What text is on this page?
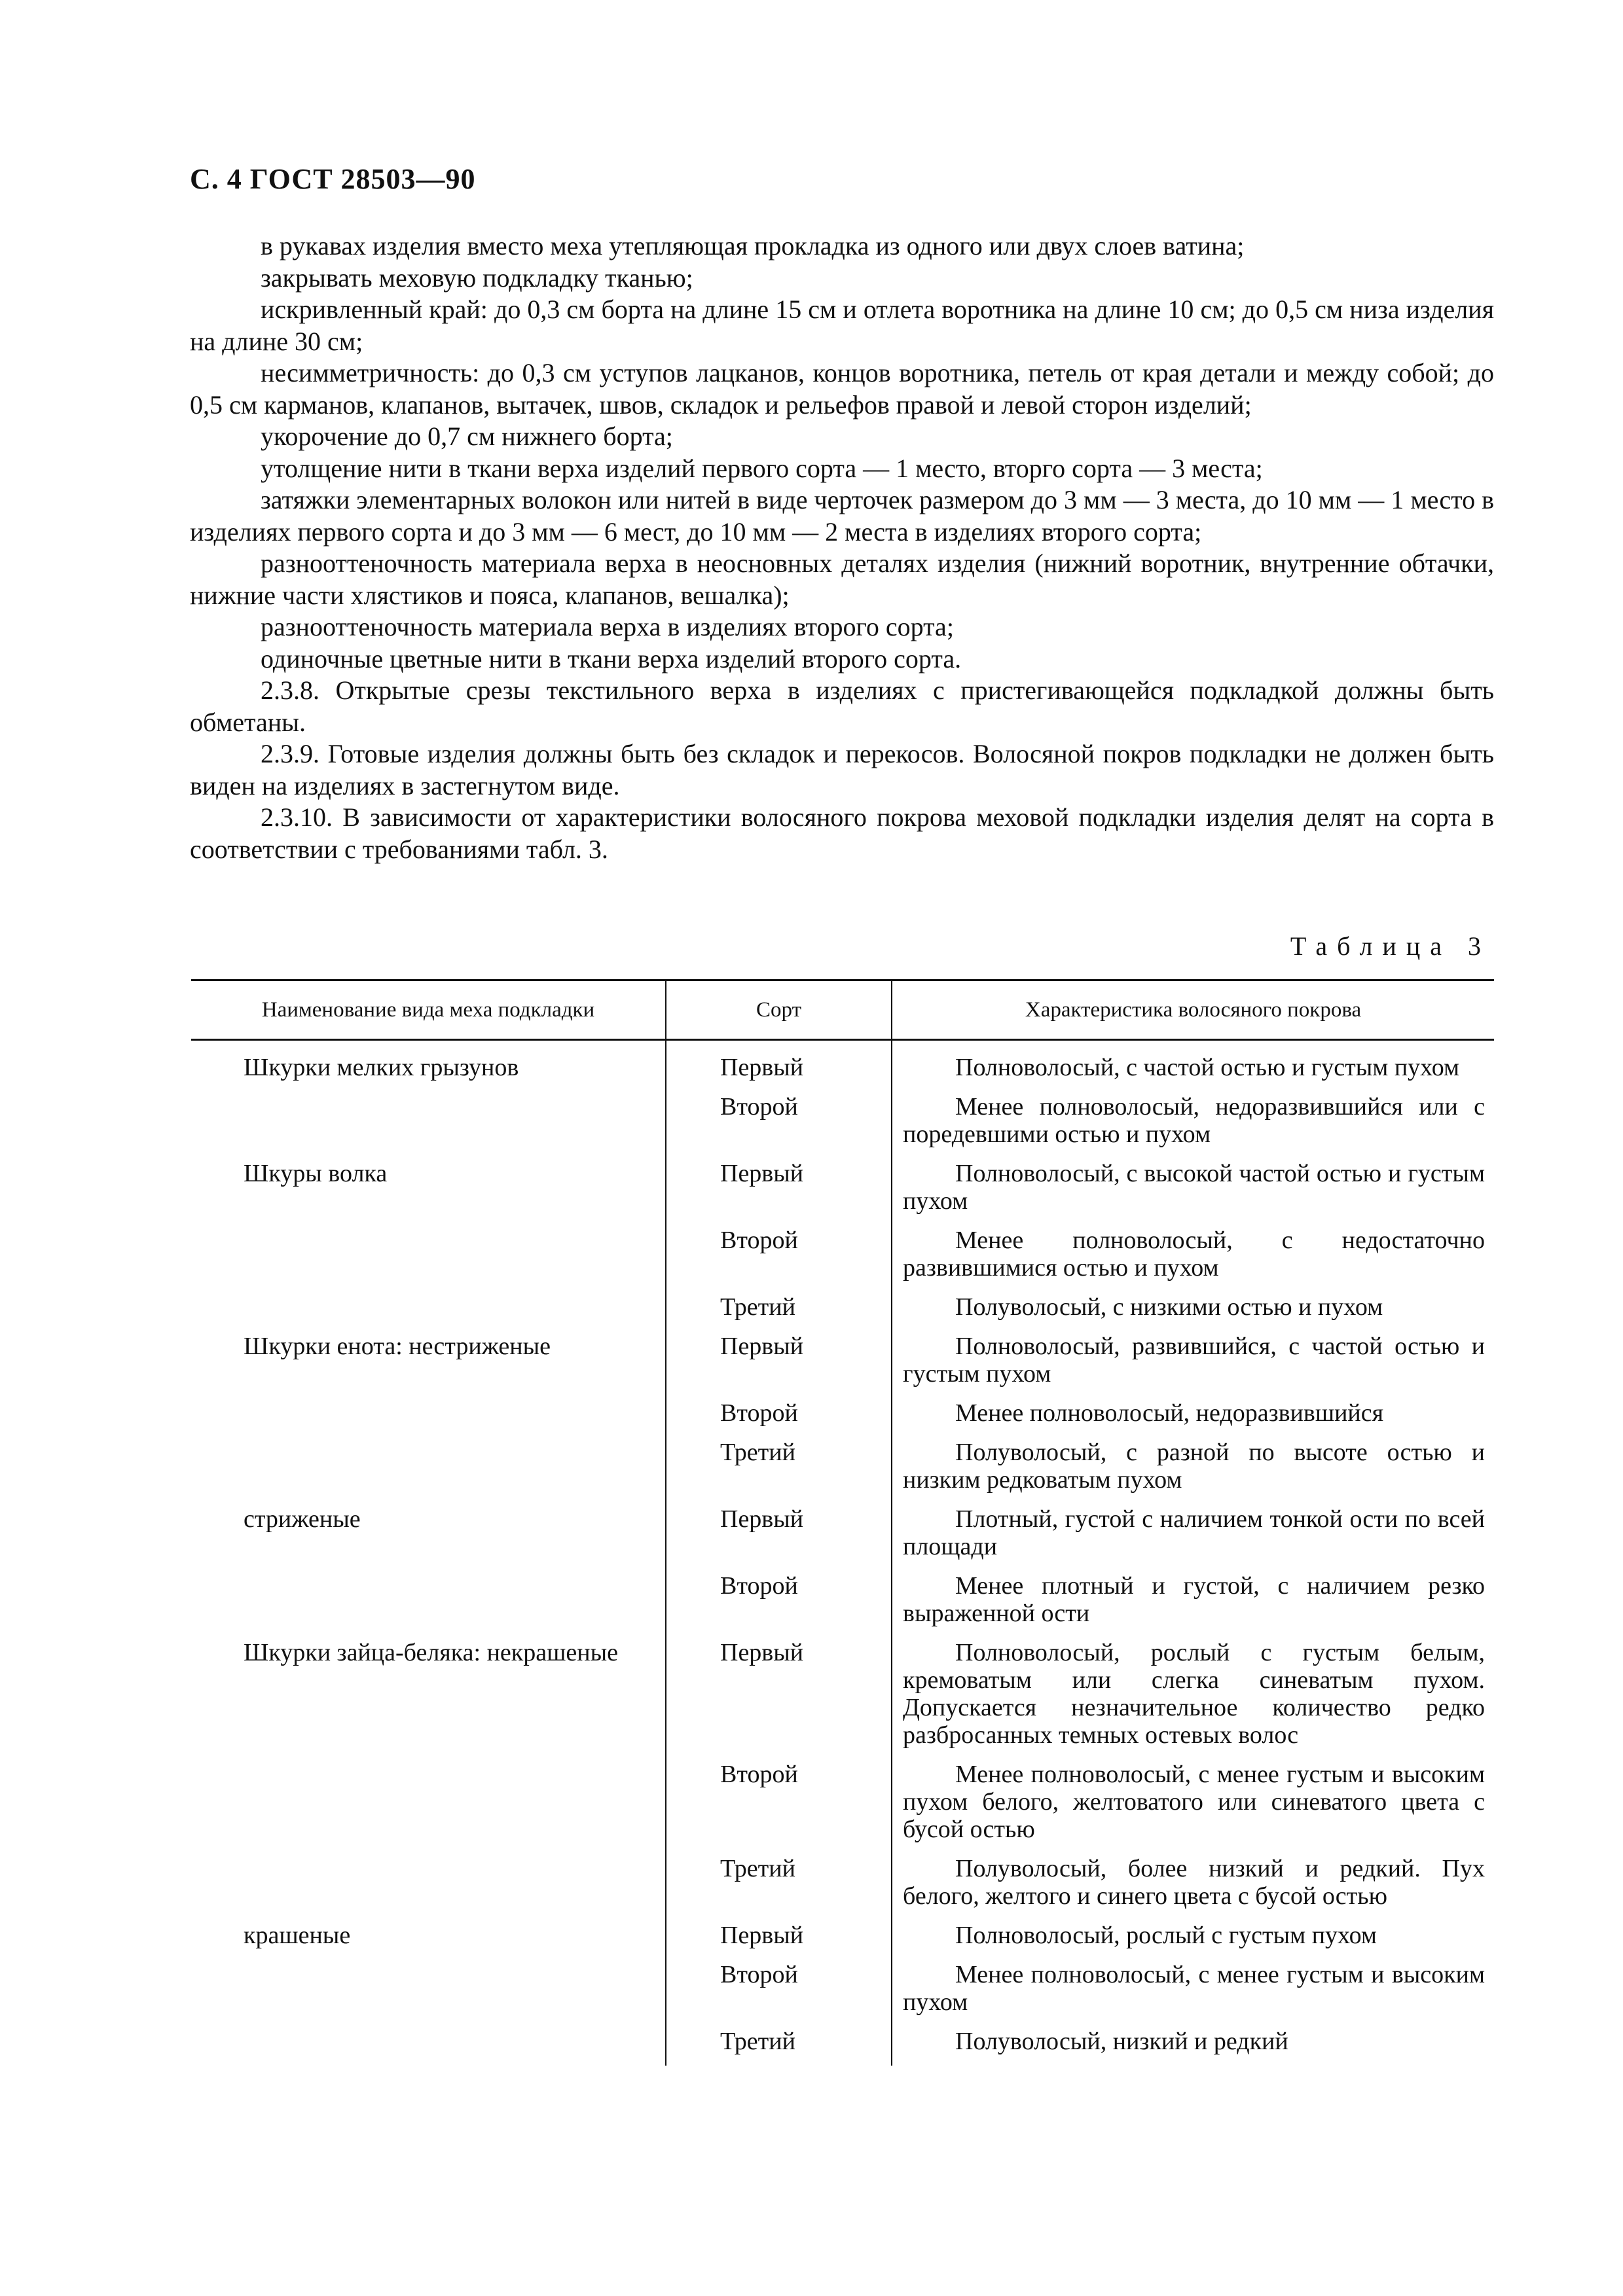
С. 4 ГОСТ 28503—90

в рукавах изделия вместо меха утепляющая прокладка из одного или двух слоев ватина;

закрывать меховую подкладку тканью;

искривленный край: до 0,3 см борта на длине 15 см и отлета воротника на длине 10 см; до 0,5 см низа изделия на длине 30 см;

несимметричность: до 0,3 см уступов лацканов, концов воротника, петель от края детали и между собой; до 0,5 см карманов, клапанов, вытачек, швов, складок и рельефов правой и левой сторон изделий;

укорочение до 0,7 см нижнего борта;

утолщение нити в ткани верха изделий первого сорта — 1 место, вторго сорта — 3 места;

затяжки элементарных волокон или нитей в виде черточек размером до 3 мм — 3 места, до 10 мм — 1 место в изделиях первого сорта и до 3 мм — 6 мест, до 10 мм — 2 места в изделиях второго сорта;

разнооттеночность материала верха в неосновных деталях изделия (нижний воротник, внутренние обтачки, нижние части хлястиков и пояса, клапанов, вешалка);

разнооттеночность материала верха в изделиях второго сорта;

одиночные цветные нити в ткани верха изделий второго сорта.

2.3.8. Открытые срезы текстильного верха в изделиях с пристегивающейся подкладкой должны быть обметаны.

2.3.9. Готовые изделия должны быть без складок и перекосов. Волосяной покров подкладки не должен быть виден на изделиях в застегнутом виде.

2.3.10. В зависимости от характеристики волосяного покрова меховой подкладки изделия делят на сорта в соответствии с требованиями табл. 3.

Таблица 3
Наименование вида меха подкладки	Сорт	Характеристика волосяного покрова
Шкурки мелких грызунов	Первый	Полноволосый, с частой остью и густым пухом

	Второй	Менее полноволосый, недоразвившийся или с поредевшими остью и пухом

Шкуры волка	Первый	Полноволосый, с высокой частой остью и густым пухом

	Второй	Менее полноволосый, с недостаточно развившимися остью и пухом

	Третий	Полуволосый, с низкими остью и пухом

Шкурки енота: нестриженые	Первый	Полноволосый, развившийся, с частой остью и густым пухом

	Второй	Менее полноволосый, недоразвившийся

	Третий	Полуволосый, с разной по высоте остью и низким редковатым пухом

стриженые	Первый	Плотный, густой с наличием тонкой ости по всей площади

	Второй	Менее плотный и густой, с наличием резко выраженной ости

Шкурки зайца-беляка: некрашеные	Первый	Полноволосый, рослый с густым белым, кремоватым или слегка синеватым пухом. Допускается незначительное количество редко разбросанных темных остевых волос

	Второй	Менее полноволосый, с менее густым и высоким пухом белого, желтоватого или синеватого цвета с бусой остью

	Третий	Полуволосый, более низкий и редкий. Пух белого, желтого и синего цвета с бусой остью

крашеные	Первый	Полноволосый, рослый с густым пухом

	Второй	Менее полноволосый, с менее густым и высоким пухом

	Третий	Полуволосый, низкий и редкий
